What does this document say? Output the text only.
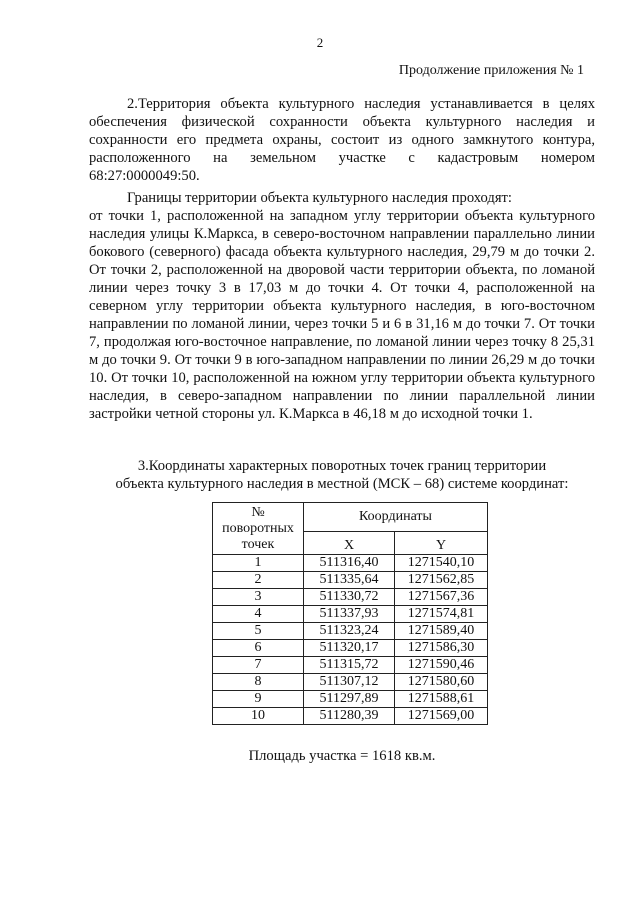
2
Продолжение приложения № 1

2.Территория объекта культурного наследия устанавливается в целях обеспечения физической сохранности объекта культурного наследия и сохранности его предмета охраны, состоит из одного замкнутого контура, расположенного на земельном участке с кадастровым номером 68:27:0000049:50.

Границы территории объекта культурного наследия проходят:

от точки 1, расположенной на западном углу территории объекта культурного наследия улицы К.Маркса, в северо-восточном направлении параллельно линии бокового (северного) фасада объекта культурного наследия, 29,79 м до точки 2. От точки 2, расположенной на дворовой части территории объекта, по ломаной линии через точку 3 в 17,03 м до точки 4. От точки 4, расположенной на северном углу территории объекта культурного наследия, в юго-восточном направлении по ломаной линии, через точки 5 и 6 в 31,16 м до точки 7. От точки 7, продолжая юго-восточное направление, по ломаной линии через точку 8 25,31 м до точки 9. От точки 9 в юго-западном направлении по линии 26,29 м до точки 10. От точки 10, расположенной на южном углу территории объекта культурного наследия, в северо-западном направлении по линии параллельной линии застройки четной стороны ул. К.Маркса в 46,18 м до исходной точки 1.

3.Координаты характерных поворотных точек границ территории
объекта культурного наследия в местной (МСК – 68) системе координат:
№
поворотных
точек	Координаты	
	X	Y
1	511316,40	1271540,10
2	511335,64	1271562,85
3	511330,72	1271567,36
4	511337,93	1271574,81
5	511323,24	1271589,40
6	511320,17	1271586,30
7	511315,72	1271590,46
8	511307,12	1271580,60
9	511297,89	1271588,61
10	511280,39	1271569,00
Площадь участка = 1618 кв.м.
